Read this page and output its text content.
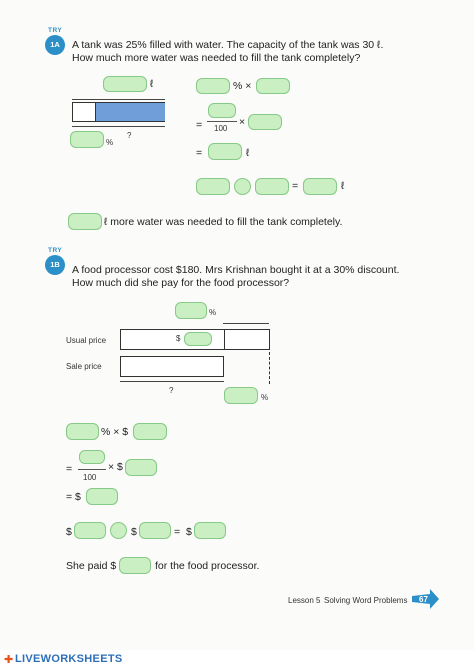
TRY
1A	A tank was 25% filled with water. The capacity of the tank was 30 ℓ.
How much more water was needed to fill the tank completely?
ℓ
%
?
% ×
= 100
×
=	ℓ
=	ℓ
ℓ more water was needed to fill the tank completely.
TRY
1B	A food processor cost $180. Mrs Krishnan bought it at a 30% discount.
How much did she pay for the food processor?
%
Usual price	$
Sale price
?
%
% × $
=
100
× $
= $
$	$	= $
She paid $	for the food processor.
Lesson 5 Solving Word Problems 67
✚ LIVEWORKSHEETS
